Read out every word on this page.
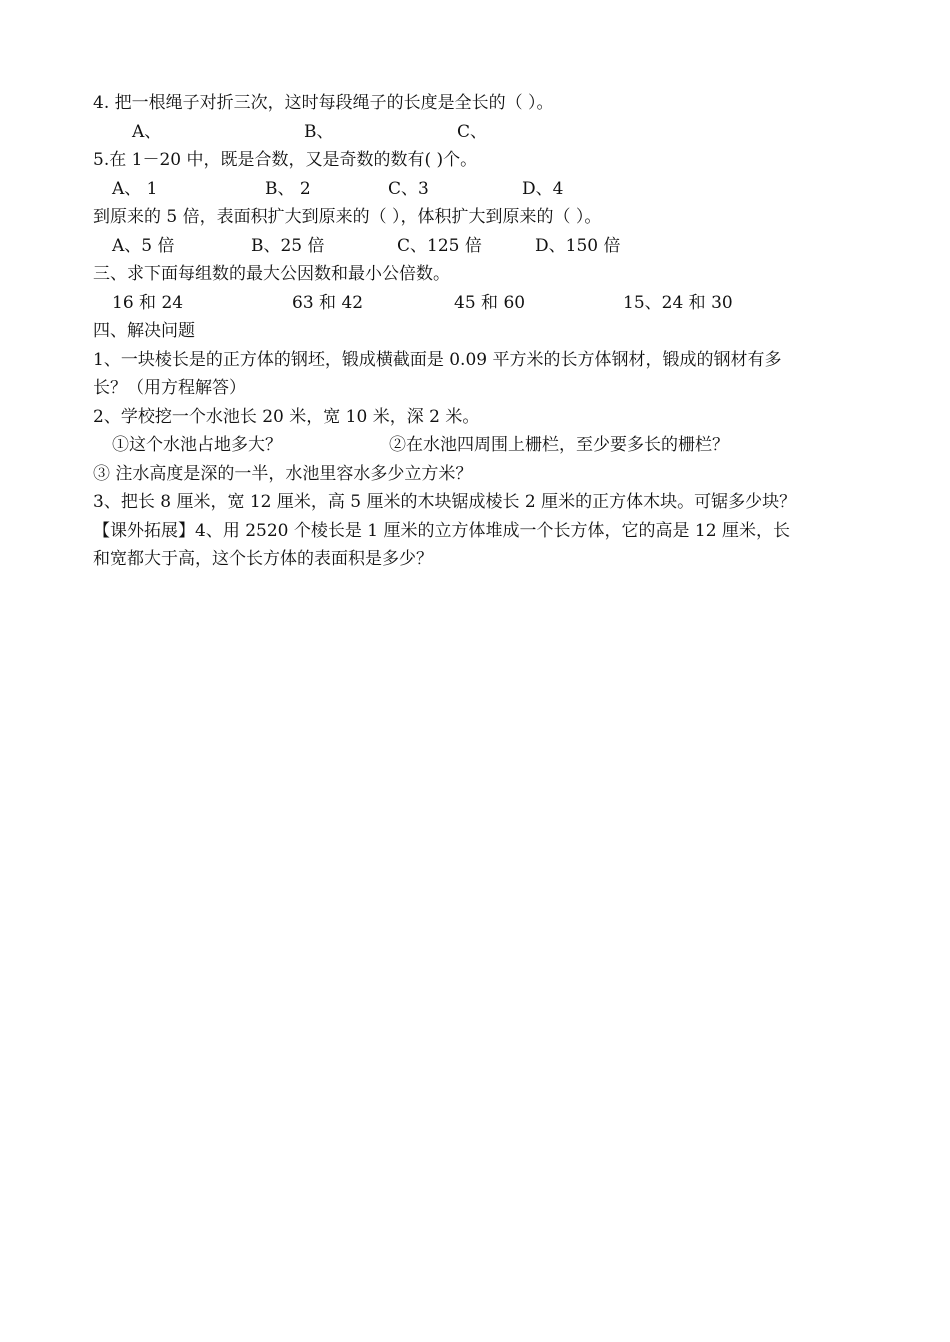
4. 把一根绳子对折三次，这时每段绳子的长度是全长的（ ）。
A、	B、	C、
5.在 1－20 中，既是合数，又是奇数的数有( )个。
A、 1	B、 2	C、3	D、4
到原来的 5 倍，表面积扩大到原来的（ ），体积扩大到原来的（ ）。
A、5 倍	B、25 倍	C、125 倍	D、150 倍
三、求下面每组数的最大公因数和最小公倍数。
16 和 24	63 和 42	45 和 60	15、24 和 30
四、解决问题
1、一块棱长是的正方体的钢坯，锻成横截面是 0.09 平方米的长方体钢材，锻成的钢材有多
长？（用方程解答）
2、学校挖一个水池长 20 米，宽 10 米，深 2 米。
①这个水池占地多大？	②在水池四周围上栅栏，至少要多长的栅栏？
③ 注水高度是深的一半，水池里容水多少立方米？
3、把长 8 厘米，宽 12 厘米，高 5 厘米的木块锯成棱长 2 厘米的正方体木块。可锯多少块？
【课外拓展】4、用 2520 个棱长是 1 厘米的立方体堆成一个长方体，它的高是 12 厘米，长
和宽都大于高，这个长方体的表面积是多少？
